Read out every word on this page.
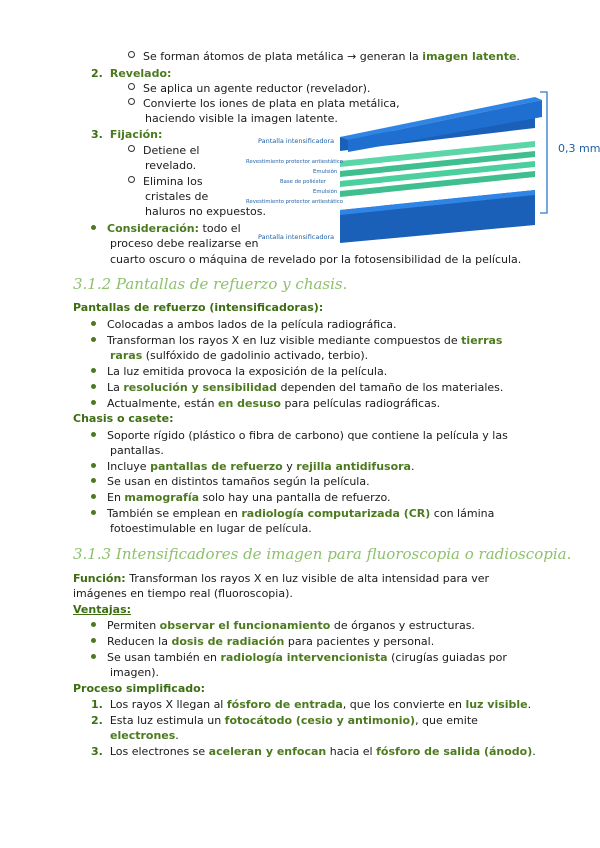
Se forman átomos de plata metálica → generan la imagen latente.
2. Revelado:
Se aplica un agente reductor (revelador).
Convierte los iones de plata en plata metálica,
haciendo visible la imagen latente.
3. Fijación:
Detiene el
revelado.
Elimina los
cristales de
haluros no expuestos.
Consideración: todo el
proceso debe realizarse en
cuarto oscuro o máquina de revelado por la fotosensibilidad de la película.
0,3 mm
Pantalla intensificadora
Revestimiento protector antiestático
Emulsión
Base de poliéster
Emulsión
Revestimiento protector antiestático
Pantalla intensificadora
3.1.2 Pantallas de refuerzo y chasis.
Pantallas de refuerzo (intensificadoras):
Colocadas a ambos lados de la película radiográfica.
Transforman los rayos X en luz visible mediante compuestos de tierras
raras (sulfóxido de gadolinio activado, terbio).
La luz emitida provoca la exposición de la película.
La resolución y sensibilidad dependen del tamaño de los materiales.
Actualmente, están en desuso para películas radiográficas.
Chasis o casete:
Soporte rígido (plástico o fibra de carbono) que contiene la película y las
pantallas.
Incluye pantallas de refuerzo y rejilla antidifusora.
Se usan en distintos tamaños según la película.
En mamografía solo hay una pantalla de refuerzo.
También se emplean en radiología computarizada (CR) con lámina
fotoestimulable en lugar de película.
3.1.3 Intensificadores de imagen para fluoroscopia o radioscopia.
Función: Transforman los rayos X en luz visible de alta intensidad para ver
imágenes en tiempo real (fluoroscopia).
Ventajas:
Permiten observar el funcionamiento de órganos y estructuras.
Reducen la dosis de radiación para pacientes y personal.
Se usan también en radiología intervencionista (cirugías guiadas por
imagen).
Proceso simplificado:
1. Los rayos X llegan al fósforo de entrada, que los convierte en luz visible.
2. Esta luz estimula un fotocátodo (cesio y antimonio), que emite
electrones.
3. Los electrones se aceleran y enfocan hacia el fósforo de salida (ánodo).
